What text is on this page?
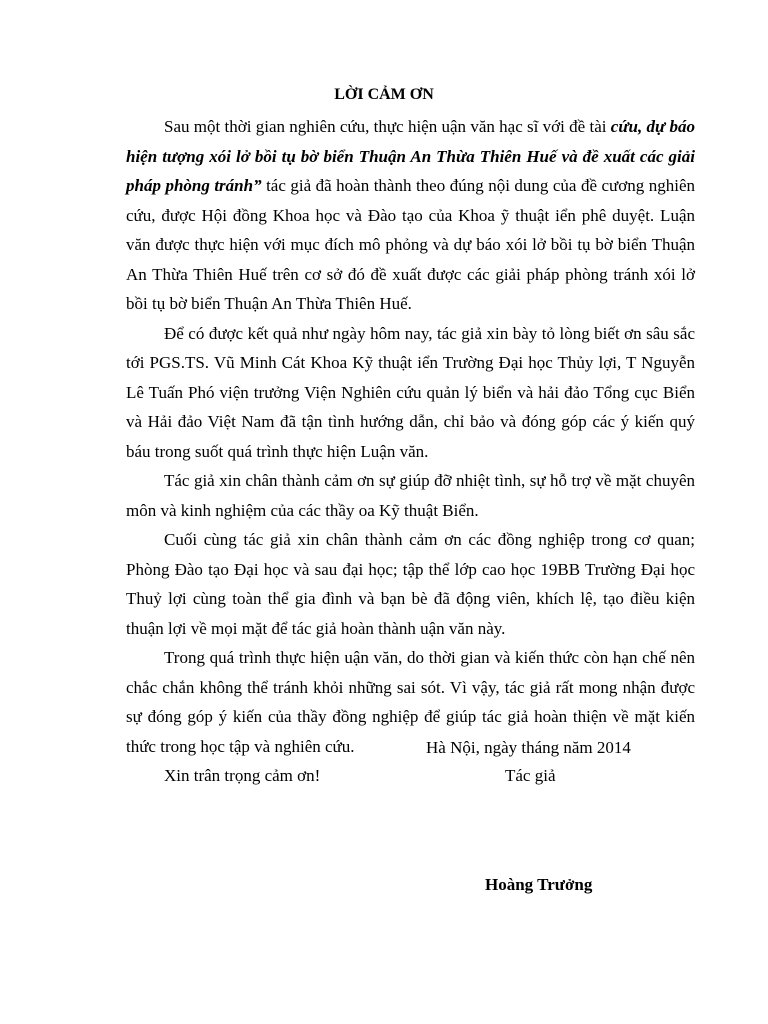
LỜI CẢM ƠN

Sau một thời gian nghiên cứu, thực hiện uận văn hạc sĩ với đề tài cứu, dự báo hiện tượng xói lở bồi tụ bờ biển Thuận An Thừa Thiên Huế và đề xuất các giải pháp phòng tránh” tác giả đã hoàn thành theo đúng nội dung của đề cương nghiên cứu, được Hội đồng Khoa học và Đào tạo của Khoa ỹ thuật iển phê duyệt. Luận văn được thực hiện với mục đích mô phỏng và dự báo xói lở bồi tụ bờ biển Thuận An Thừa Thiên Huế trên cơ sở đó đề xuất được các giải pháp phòng tránh xói lở bồi tụ bờ biển Thuận An Thừa Thiên Huế.

Để có được kết quả như ngày hôm nay, tác giả xin bày tỏ lòng biết ơn sâu sắc tới PGS.TS. Vũ Minh Cát Khoa Kỹ thuật iển Trường Đại học Thủy lợi, T Nguyễn Lê Tuấn Phó viện trưởng Viện Nghiên cứu quản lý biển và hải đảo Tổng cục Biển và Hải đảo Việt Nam đã tận tình hướng dẫn, chỉ bảo và đóng góp các ý kiến quý báu trong suốt quá trình thực hiện Luận văn.

Tác giả xin chân thành cảm ơn sự giúp đỡ nhiệt tình, sự hỗ trợ về mặt chuyên môn và kinh nghiệm của các thầy oa Kỹ thuật Biển.

Cuối cùng tác giả xin chân thành cảm ơn các đồng nghiệp trong cơ quan; Phòng Đào tạo Đại học và sau đại học; tập thể lớp cao học 19BB Trường Đại học Thuỷ lợi cùng toàn thể gia đình và bạn bè đã động viên, khích lệ, tạo điều kiện thuận lợi về mọi mặt để tác giả hoàn thành uận văn này.

Trong quá trình thực hiện uận văn, do thời gian và kiến thức còn hạn chế nên chắc chắn không thể tránh khỏi những sai sót. Vì vậy, tác giả rất mong nhận được sự đóng góp ý kiến của thầy đồng nghiệp để giúp tác giả hoàn thiện về mặt kiến thức trong học tập và nghiên cứu.

Xin trân trọng cảm ơn!

Hà Nội, ngày tháng năm 2014
Tác giả
Hoàng Trưởng
